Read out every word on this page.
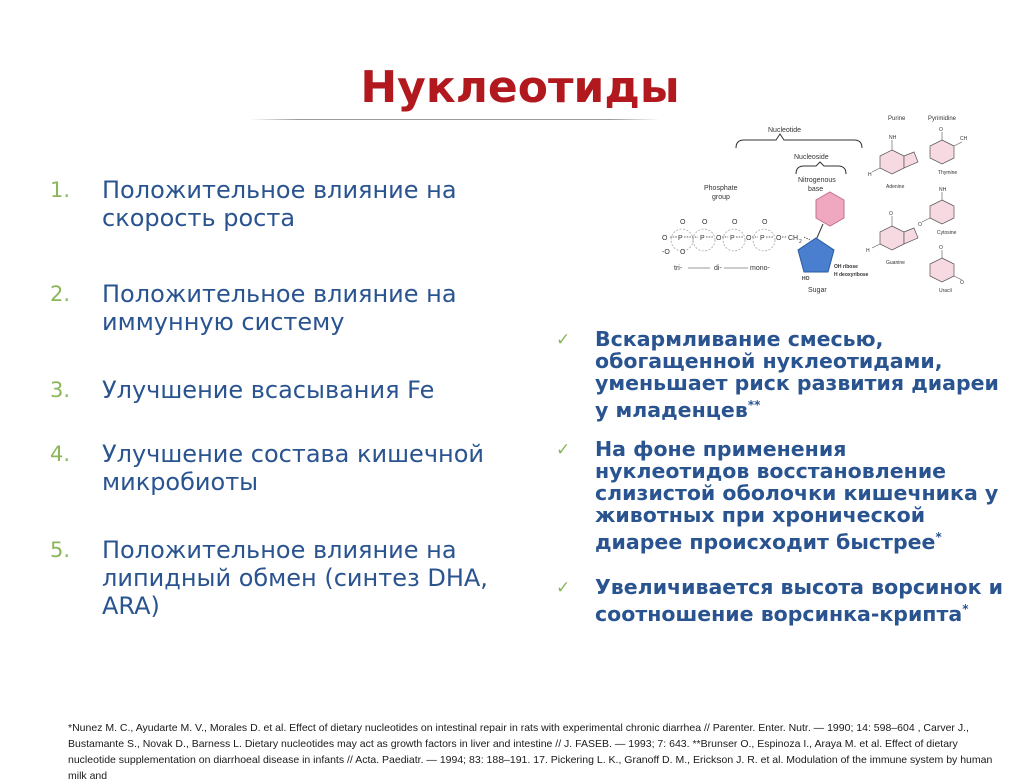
Нуклеотиды
1. Положительное влияние на скорость роста
2. Положительное влияние на иммунную систему
3. Улучшение всасывания Fe
4. Улучшение состава кишечной микробиоты
5. Положительное влияние на липидный обмен (синтез DHA, ARA)
✓ Вскармливание смесью, обогащенной нуклеотидами, уменьшает риск развития диареи у младенцев**
✓ На фоне применения нуклеотидов восстановление слизистой оболочки кишечника у животных при хронической диарее происходит быстрее*
✓ Увеличивается высота ворсинок и соотношение ворсинка-крипта*
Nucleotide
Nucleoside
Nitrogenous
base
Phosphate
group
HO
OH ribose
H deoxyribose
Sugar
O
-O
O
P
O
O
P O
O
P O
O
P O CH 2
tri-	di-	mono-
Purine	Pyrimidine
NH
H
O
CH
NH
O
O
H	O
O
Adenine
Thymine
Cytosine
Guanine
Uracil
*Nunez M. C., Ayudarte M. V., Morales D. et al. Effect of dietary nucleotides on intestinal repair in rats with experimental chronic diarrhea // Parenter. Enter. Nutr. — 1990; 14: 598–604 , Carver J., Bustamante S., Novak D., Barness L. Dietary nucleotides may act as growth factors in liver and intestine // J. FASEB. — 1993; 7: 643. **Brunser O., Espinoza I., Araya M. et al. Effect of dietary nucleotide supplementation on diarrhoeal disease in infants // Acta. Paediatr. — 1994; 83: 188–191. 17. Pickering L. K., Granoff D. M., Erickson J. R. et al. Modulation of the immune system by human milk and
